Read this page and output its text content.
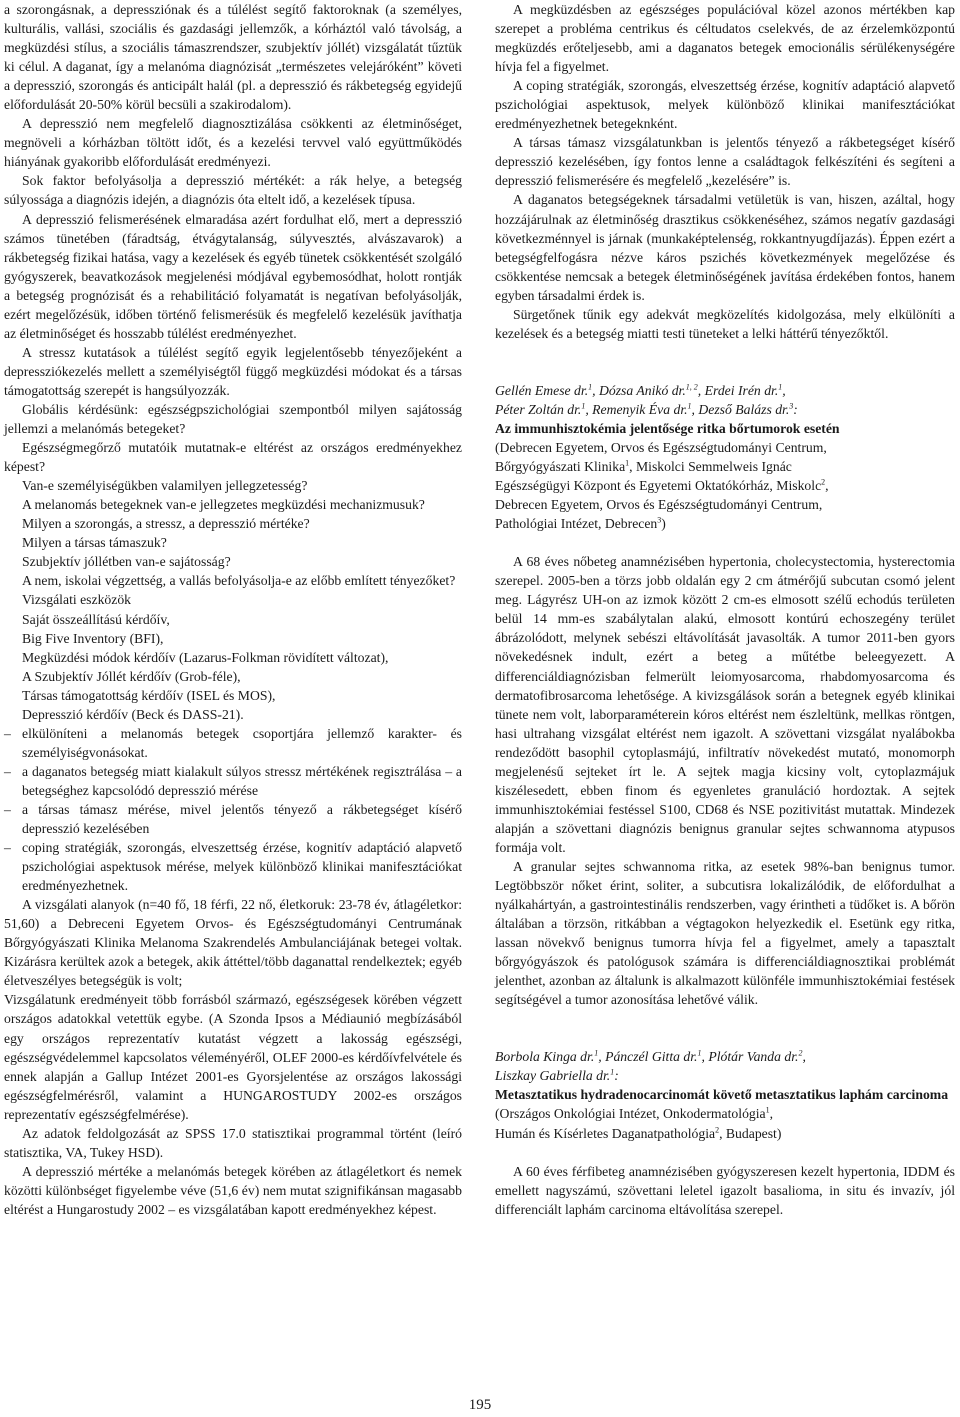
a szorongásnak, a depressziónak és a túlélést segítő faktoroknak (a személyes, kulturális, vallási, szociális és gazdasági jellemzők, a kórháztól való távolság, a megküzdési stílus, a szociális támaszrendszer, szubjektív jóllét) vizsgálatát tűztük ki célul. A daganat, így a melanóma diagnózisát „természetes velejáróként” követi a depresszió, szorongás és anticipált halál (pl. a depresszió és rákbetegség egyidejű előfordulását 20-50% körül becsüli a szakirodalom).

A depresszió nem megfelelő diagnosztizálása csökkenti az életminőséget, megnöveli a kórházban töltött időt, és a kezelési tervvel való együttműködés hiányának gyakoribb előfordulását eredményezi.

Sok faktor befolyásolja a depresszió mértékét: a rák helye, a betegség súlyossága a diagnózis idején, a diagnózis óta eltelt idő, a kezelések típusa.

A depresszió felismerésének elmaradása azért fordulhat elő, mert a depresszió számos tünetében (fáradtság, étvágytalanság, súlyvesztés, alvászavarok) a rákbetegség fizikai hatása, vagy a kezelések és egyéb tünetek csökkentését szolgáló gyógyszerek, beavatkozások megjelenési módjával egybemosódhat, holott rontják a betegség prognózisát és a rehabilitáció folyamatát is negatívan befolyásolják, ezért megelőzésük, időben történő felismerésük és megfelelő kezelésük javíthatja az életminőséget és hosszabb túlélést eredményezhet.

A stressz kutatások a túlélést segítő egyik legjelentősebb tényezőjeként a depressziókezelés mellett a személyiségtől függő megküzdési módokat és a társas támogatottság szerepét is hangsúlyozzák.

Globális kérdésünk: egészségpszichológiai szempontból milyen sajátosság jellemzi a melanómás betegeket?

Egészségmegőrző mutatóik mutatnak-e eltérést az országos eredményekhez képest?

Van-e személyiségükben valamilyen jellegzetesség?

A melanomás betegeknek van-e jellegzetes megküzdési mechanizmusuk?

Milyen a szorongás, a stressz, a depresszió mértéke?

Milyen a társas támaszuk?

Szubjektív jóllétben van-e sajátosság?

A nem, iskolai végzettség, a vallás befolyásolja-e az előbb említett tényezőket?

Vizsgálati eszközök

Saját összeállítású kérdőív,

Big Five Inventory (BFI),

Megküzdési módok kérdőív (Lazarus-Folkman rövidített változat),

A Szubjektív Jóllét kérdőív (Grob-féle),

Társas támogatottság kérdőív (ISEL és MOS),

Depresszió kérdőív (Beck és DASS-21).

– elkülöníteni a melanomás betegek csoportjára jellemző karakter- és személyiségvonásokat.
– a daganatos betegség miatt kialakult súlyos stressz mértékének regisztrálása – a betegséghez kapcsolódó depresszió mérése
– a társas támasz mérése, mivel jelentős tényező a rákbetegséget kísérő depresszió kezelésében
– coping stratégiák, szorongás, elveszettség érzése, kognitív adaptáció alapvető pszichológiai aspektusok mérése, melyek különböző klinikai manifesztációkat eredményezhetnek.

A vizsgálati alanyok (n=40 fő, 18 férfi, 22 nő, életkoruk: 23-78 év, átlagéletkor: 51,60) a Debreceni Egyetem Orvos- és Egészségtudományi Centrumának Bőrgyógyászati Klinika Melanoma Szakrendelés Ambulanciájának betegei voltak. Kizárásra kerültek azok a betegek, akik áttéttel/több daganattal rendelkeztek; egyéb életveszélyes betegségük is volt;

Vizsgálatunk eredményeit több forrásból származó, egészségesek körében végzett országos adatokkal vetettük egybe. (A Szonda Ipsos a Médiaunió megbízásából egy országos reprezentatív kutatást végzett a lakosság egészségi, egészségvédelemmel kapcsolatos véleményéről, OLEF 2000-es kérdőívfelvétele és ennek alapján a Gallup Intézet 2001-es Gyorsjelentése az országos lakossági egészségfelmérésről, valamint a HUNGAROSTUDY 2002-es országos reprezentatív egészségfelmérése).

Az adatok feldolgozását az SPSS 17.0 statisztikai programmal történt (leíró statisztika, VA, Tukey HSD).

A depresszió mértéke a melanómás betegek körében az átlagéletkort és nemek közötti különbséget figyelembe véve (51,6 év) nem mutat szignifikánsan magasabb eltérést a Hungarostudy 2002 – es vizsgálatában kapott eredményekhez képest.

A megküzdésben az egészséges populációval közel azonos mértékben kap szerepet a probléma centrikus és céltudatos cselekvés, de az érzelemközpontú megküzdés erőteljesebb, ami a daganatos betegek emocionális sérülékenységére hívja fel a figyelmet.

A coping stratégiák, szorongás, elveszettség érzése, kognitív adaptáció alapvető pszichológiai aspektusok, melyek különböző klinikai manifesztációkat eredményezhetnek betegeknként.

A társas támasz vizsgálatunkban is jelentős tényező a rákbetegséget kísérő depresszió kezelésében, így fontos lenne a családtagok felkészíténi és segíteni a depresszió felismerésére és megfelelő „kezelésére” is.

A daganatos betegségeknek társadalmi vetületük is van, hiszen, azáltal, hogy hozzájárulnak az életminőség drasztikus csökkenéséhez, számos negatív gazdasági következménnyel is járnak (munkaképtelenség, rokkantnyugdíjazás). Éppen ezért a betegségfelfogásra nézve káros pszichés következmények megelőzése és csökkentése nemcsak a betegek életminőségének javítása érdekében fontos, hanem egyben társadalmi érdek is.

Sürgetőnek tűnik egy adekvát megközelítés kidolgozása, mely elkülöníti a kezelések és a betegség miatti testi tüneteket a lelki háttérű tényezőktől.

Gellén Emese dr.$^1$, Dózsa Anikó dr.$^{1, 2}$, Erdei Irén dr.$^1$,
Péter Zoltán dr.$^1$, Remenyik Éva dr.$^1$, Dezső Balázs dr.$^3$:
Az immunhisztokémia jelentősége ritka bőrtumorok esetén
(Debrecen Egyetem, Orvos és Egészségtudományi Centrum,
Bőrgyógyászati Klinika$^1$, Miskolci Semmelweis Ignác
Egészségügyi Központ és Egyetemi Oktatókórház, Miskolc$^2$,
Debrecen Egyetem, Orvos és Egészségtudományi Centrum,
Pathológiai Intézet, Debrecen$^3$)

A 68 éves nőbeteg anamnézisében hypertonia, cholecystectomia, hysterectomia szerepel. 2005-ben a törzs jobb oldalán egy 2 cm átmérőjű subcutan csomó jelent meg. Lágyrész UH-on az izmok között 2 cm-es elmosott szélű echodús területen belül 14 mm-es szabálytalan alakú, elmosott kontúrú echoszegény terület ábrázolódott, melynek sebészi eltávolítását javasolták. A tumor 2011-ben gyors növekedésnek indult, ezért a beteg a műtétbe beleegyezett. A differenciáldiagnózisban felmerült leiomyosarcoma, rhabdomyosarcoma és dermatofibrosarcoma lehetősége. A kivizsgálások során a betegnek egyéb klinikai tünete nem volt, laborparaméterein kóros eltérést nem észleltünk, mellkas röntgen, hasi ultrahang vizsgálat eltérést nem igazolt. A szövettani vizsgálat nyalábokba rendeződött basophil cytoplasmájú, infiltratív növekedést mutató, monomorph megjelenésű sejteket írt le. A sejtek magja kicsiny volt, cytoplazmájuk kiszélesedett, ebben finom és egyenletes granuláció hordoztak. A sejtek immunhisztokémiai festéssel S100, CD68 és NSE pozitivitást mutattak. Mindezek alapján a szövettani diagnózis benignus granular sejtes schwannoma atypusos formája volt.

A granular sejtes schwannoma ritka, az esetek 98%-ban benignus tumor. Legtöbbször nőket érint, soliter, a subcutisra lokalizálódik, de előfordulhat a nyálkahártyán, a gastrointestinális rendszerben, vagy érintheti a tüdőket is. A bőrön általában a törzsön, ritkábban a végtagokon helyezkedik el. Esetünk egy ritka, lassan növekvő benignus tumorra hívja fel a figyelmet, amely a tapasztalt bőrgyógyászok és patológusok számára is differenciáldiagnosztikai problémát jelenthet, azonban az általunk is alkalmazott különféle immunhisztokémiai festések segítségével a tumor azonosítása lehetővé válik.

Borbola Kinga dr.$^1$, Pánczél Gitta dr.$^1$, Plótár Vanda dr.$^2$,
Liszkay Gabriella dr.$^1$:
Metasztatikus hydradenocarcinomát követő metasztatikus laphám carcinoma
(Országos Onkológiai Intézet, Onkodermatológia$^1$,
Humán és Kísérletes Daganatpathológia$^2$, Budapest)

A 60 éves férfibeteg anamnézisében gyógyszeresen kezelt hypertonia, IDDM és emellett nagyszámú, szövettani leletel igazolt basalioma, in situ és invazív, jól differenciált laphám carcinoma eltávolítása szerepel.

195
